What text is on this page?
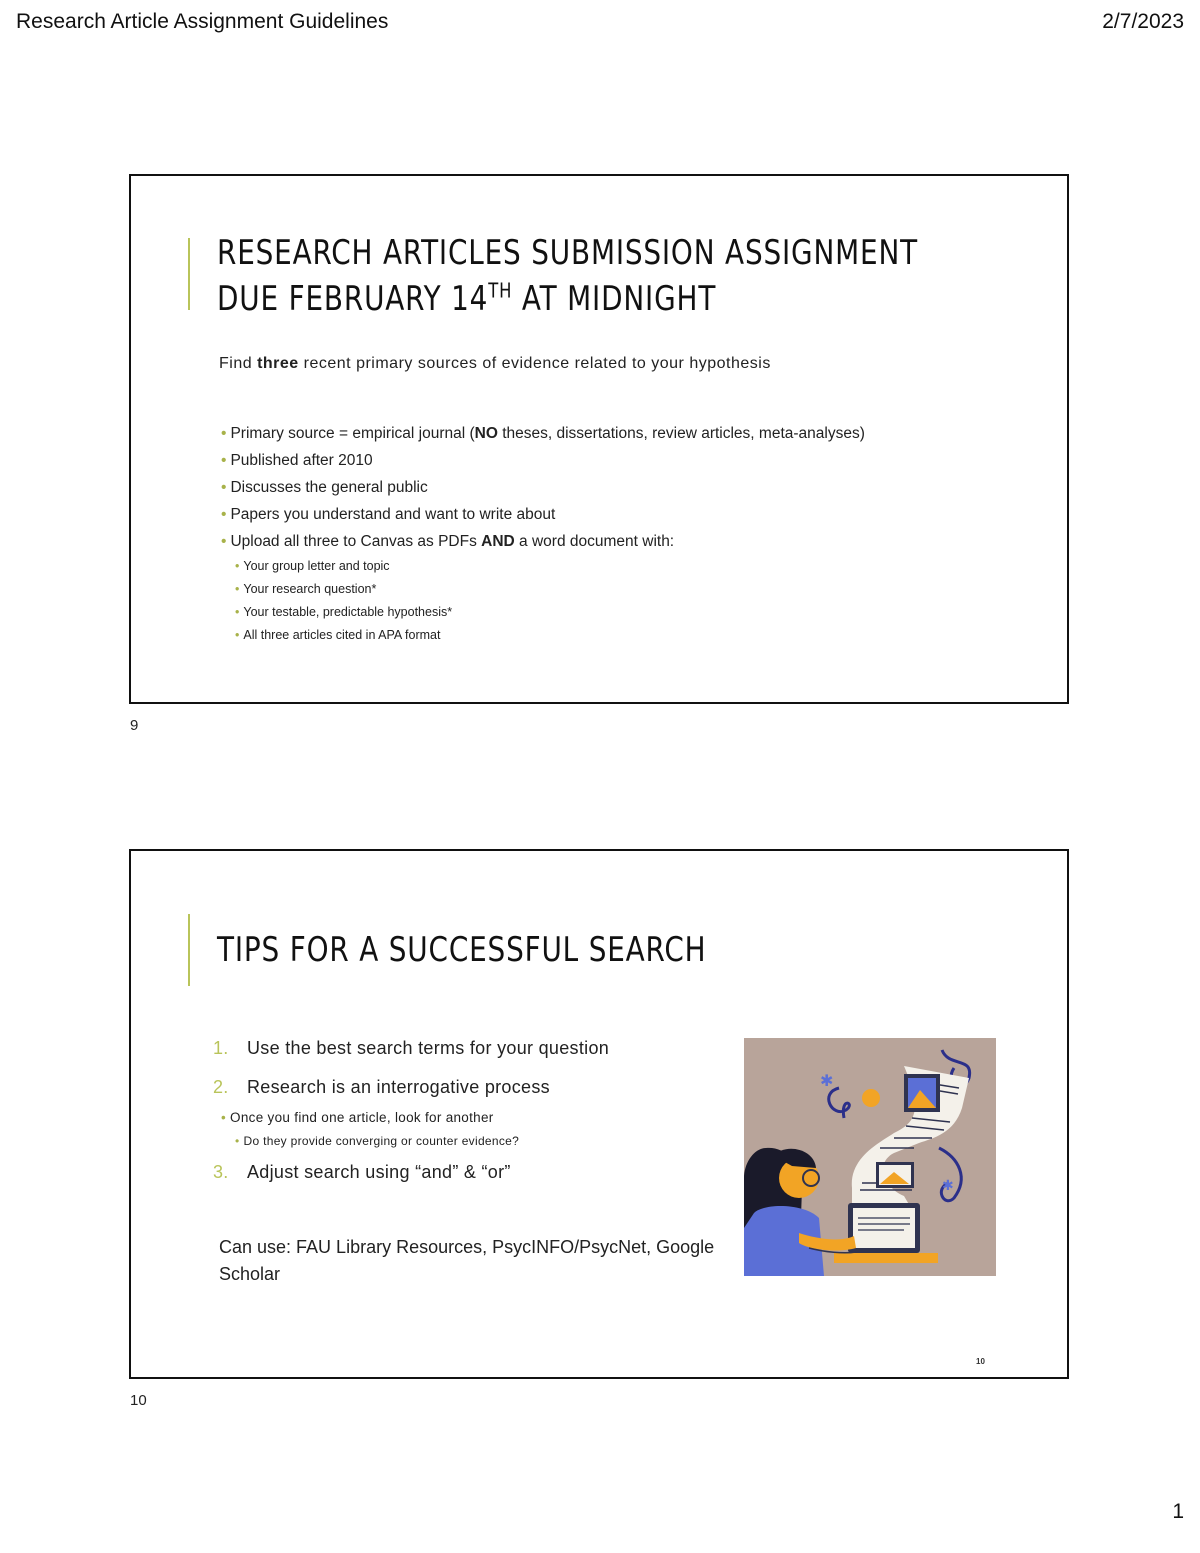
Research Article Assignment Guidelines	2/7/2023
RESEARCH ARTICLES SUBMISSION ASSIGNMENT
DUE FEBRUARY 14TH AT MIDNIGHT
Find three recent primary sources of evidence related to your hypothesis
• Primary source = empirical journal (NO theses, dissertations, review articles, meta-analyses)
• Published after 2010
• Discusses the general public
• Papers you understand and want to write about
• Upload all three to Canvas as PDFs AND a word document with:
• Your group letter and topic
• Your research question*
• Your testable, predictable hypothesis*
• All three articles cited in APA format
9
TIPS FOR A SUCCESSFUL SEARCH
1. Use the best search terms for your question
2. Research is an interrogative process
• Once you find one article, look for another
• Do they provide converging or counter evidence?
3. Adjust search using “and” & “or”
Can use: FAU Library Resources, PsycINFO/PsycNet, Google Scholar
✱
✱
10
10
1
